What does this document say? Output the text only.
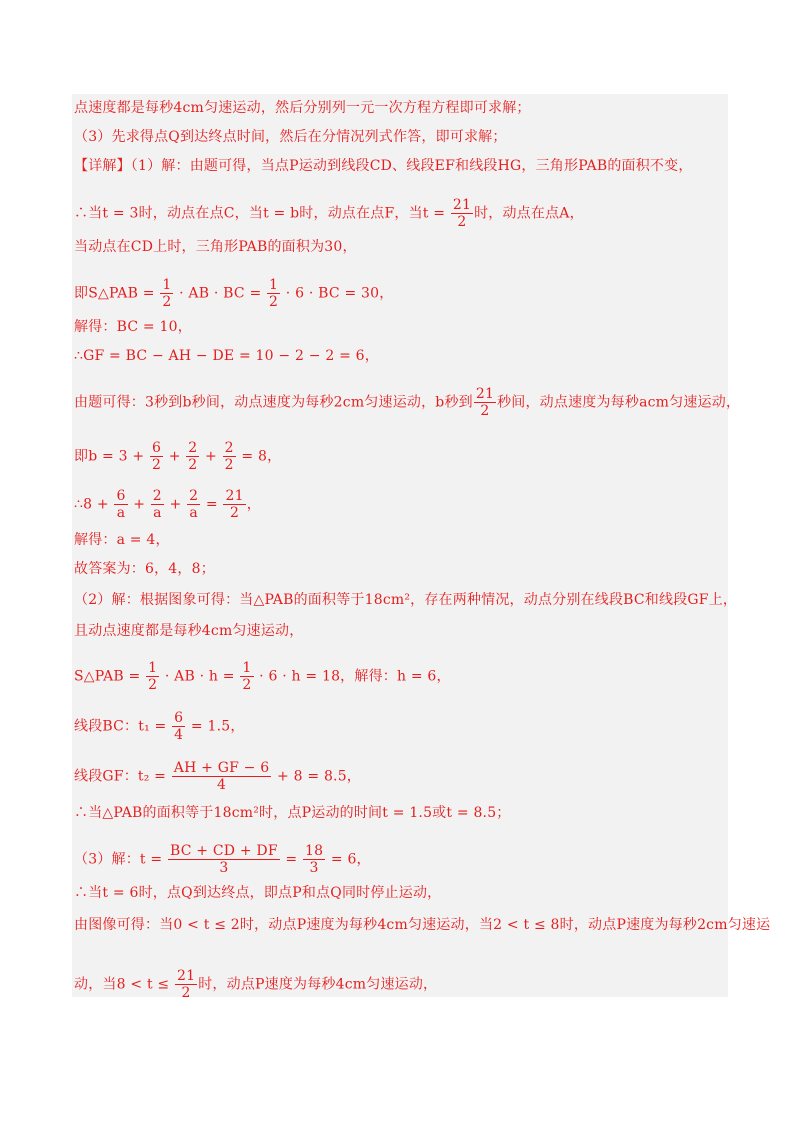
点速度都是每秒4cm匀速运动，然后分别列一元一次方程方程即可求解；
（3）先求得点Q到达终点时间，然后在分情况列式作答，即可求解；
【详解】（1）解：由题可得，当点P运动到线段CD、线段EF和线段HG，三角形PAB的面积不变，
∴当t = 3时，动点在点C，当t = b时，动点在点F，当$t = \frac{21}{2}$ 时，动点在点A，
当动点在CD上时，三角形PAB的面积为30，
即S△PAB = $\frac{1}{2}$ · AB · BC = $\frac{1}{2} \cdot 6$ · BC = 30，
解得：BC = 10，
∴GF = BC − AH − DE = 10 − 2 − 2 = 6，
由题可得：3秒到b秒间，动点速度为每秒2cm匀速运动，b秒到 $\frac{21}{2}$ 秒间，动点速度为每秒acm匀速运动，
即$b = 3 + \frac{6}{2} + \frac{2}{2} + \frac{2}{2} = 8$，
∴8 + $\frac{6}{a} + \frac{2}{a} + \frac{2}{a} = \frac{21}{2}$ ，
解得：a = 4，
故答案为：6，4，8；
（2）解：根据图象可得：当△PAB的面积等于18cm²，存在两种情况，动点分别在线段BC和线段GF上，
且动点速度都是每秒4cm匀速运动，
S△PAB = $\frac{1}{2}$ · AB · $h = \frac{1}{2} \cdot 6 \cdot h = 18$，解得：h = 6，
线段BC：$t_1 = \frac{6}{4} = 1.5$，
线段GF：$t_2 = \frac{AH + GF - 6}{4} + 8 = 8.5$，
∴当△PAB的面积等于18cm²时，点P运动的时间t = 1.5或t = 8.5；
（3）解：$t = \frac{BC + CD + DF}{3} = \frac{18}{3} = 6$，
∴当t = 6时，点Q到达终点，即点P和点Q同时停止运动，
由图像可得：当0 < t ≤ 2时，动点P速度为每秒4cm匀速运动，当2 < t ≤ 8时，动点P速度为每秒2cm匀速运
动，当$8 < t \le \frac{21}{2}$ 时，动点P速度为每秒4cm匀速运动，
